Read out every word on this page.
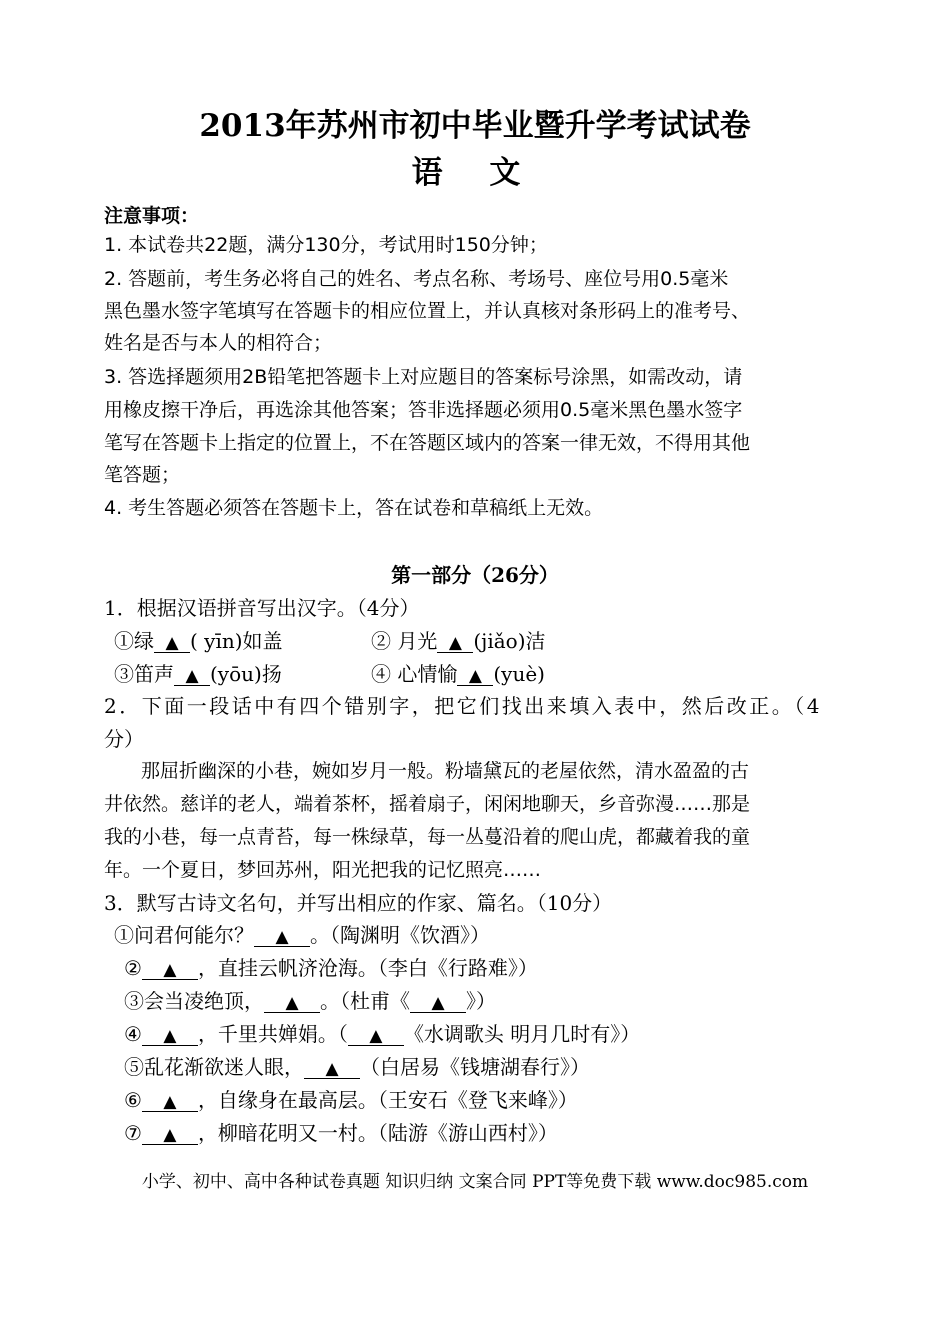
2013年苏州市初中毕业暨升学考试试卷
语 文
注意事项：
1. 本试卷共22题，满分130分，考试用时150分钟；
2. 答题前，考生务必将自己的姓名、考点名称、考场号、座位号用0.5毫米
黑色墨水签字笔填写在答题卡的相应位置上，并认真核对条形码上的准考号、
姓名是否与本人的相符合；
3. 答选择题须用2B铅笔把答题卡上对应题目的答案标号涂黑，如需改动，请
用橡皮擦干净后，再选涂其他答案；答非选择题必须用0.5毫米黑色墨水签字
笔写在答题卡上指定的位置上，不在答题区域内的答案一律无效，不得用其他
笔答题；
4. 考生答题必须答在答题卡上，答在试卷和草稿纸上无效。
第一部分（26分）
1．根据汉语拼音写出汉字。（4分）
①绿 ▲ ( yīn)如盖	② 月光 ▲ (jiǎo)洁
③笛声 ▲ (yōu)扬	④ 心情愉 ▲ (yuè)
2．下面一段话中有四个错别字，把它们找出来填入表中，然后改正。（4
分）
那屈折幽深的小巷，婉如岁月一般。粉墙黛瓦的老屋依然，清水盈盈的古
井依然。慈详的老人，端着茶杯，摇着扇子，闲闲地聊天，乡音弥漫……那是
我的小巷，每一点青苔，每一株绿草，每一丛蔓沿着的爬山虎，都藏着我的童
年。一个夏日，梦回苏州，阳光把我的记忆照亮……
3．默写古诗文名句，并写出相应的作家、篇名。（10分）
①问君何能尔？ ▲ 。（陶渊明《饮酒》）
② ▲ ，直挂云帆济沧海。（李白《行路难》）
③会当凌绝顶， ▲ 。（杜甫《 ▲ 》）
④ ▲ ，千里共婵娟。（ ▲ 《水调歌头 明月几时有》）
⑤乱花渐欲迷人眼， ▲ （白居易《钱塘湖春行》）
⑥ ▲ ，自缘身在最高层。（王安石《登飞来峰》）
⑦ ▲ ，柳暗花明又一村。（陆游《游山西村》）
小学、初中、高中各种试卷真题 知识归纳 文案合同 PPT等免费下载 www.doc985.com
